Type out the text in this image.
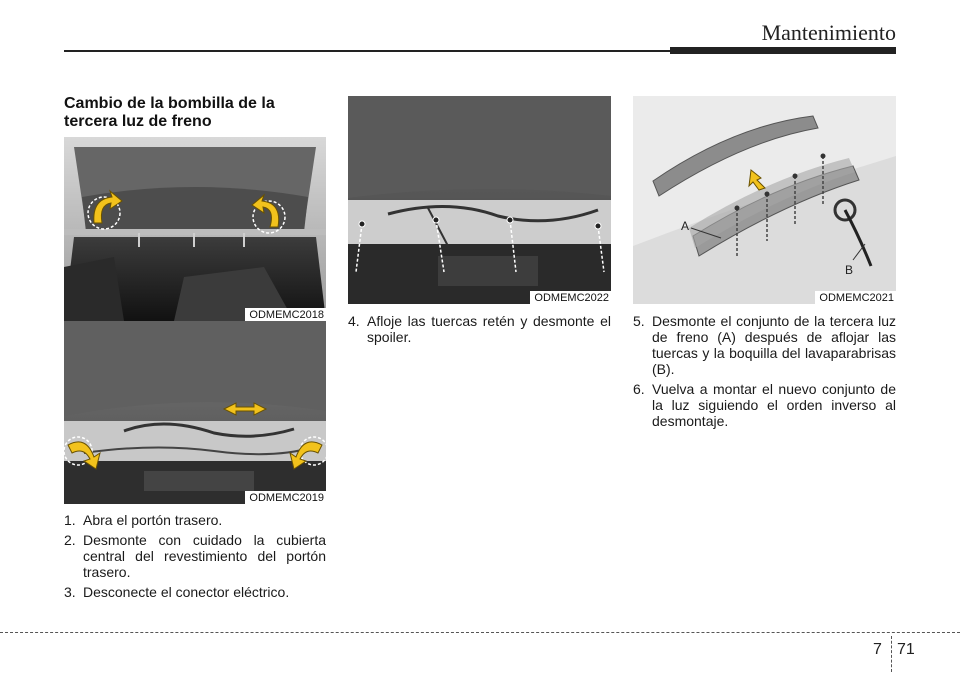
Mantenimiento
Cambio de la bombilla de la tercera luz de freno
ODMEMC2018
ODMEMC2019
1. Abra el portón trasero.
2. Desmonte con cuidado la cubierta central del revestimiento del portón trasero.
3. Desconecte el conector eléctrico.
ODMEMC2022
4. Afloje las tuercas retén y desmonte el spoiler.
A
B
ODMEMC2021
5. Desmonte el conjunto de la tercera luz de freno (A) después de aflojar las tuercas y la boquilla del lavaparabrisas (B).
6. Vuelva a montar el nuevo conjunto de la luz siguiendo el orden inverso al desmontaje.
7 71
